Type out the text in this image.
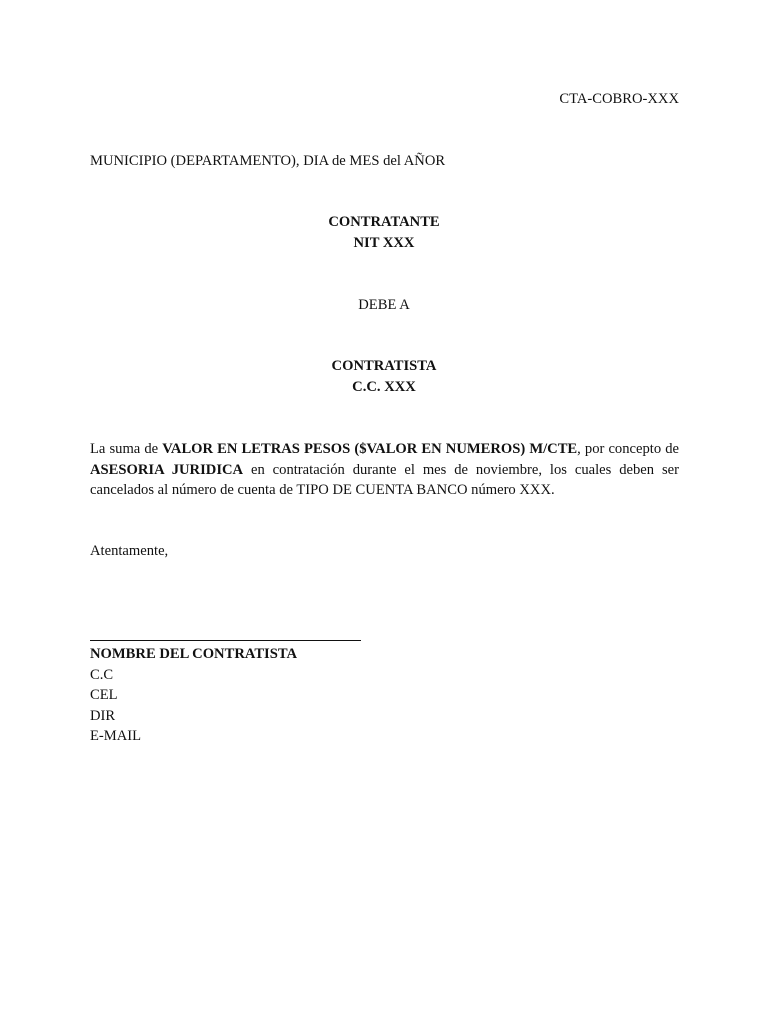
CTA-COBRO-XXX
MUNICIPIO (DEPARTAMENTO), DIA de MES del AÑOR
CONTRATANTE
NIT XXX
DEBE A
CONTRATISTA
C.C. XXX
La suma de VALOR EN LETRAS PESOS ($VALOR EN NUMEROS) M/CTE, por concepto de ASESORIA JURIDICA en contratación durante el mes de noviembre, los cuales deben ser cancelados al número de cuenta de TIPO DE CUENTA BANCO número XXX.
Atentamente,
NOMBRE DEL CONTRATISTA
C.C
CEL
DIR
E-MAIL
